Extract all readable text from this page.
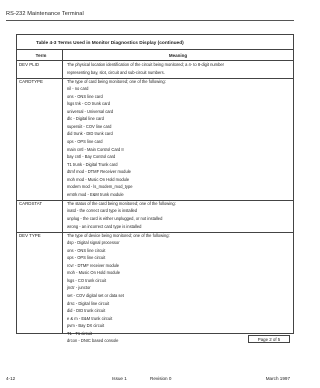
RS-232 Maintenance Terminal
Table 4-3 Terms Used in Monitor Diagnostics Display (continued)
Term	Meaning
DEV PLID	The physical location identification of the circuit being monitored; a 4- to 8-digit number
representing bay, slot, circuit and sub-circuit numbers.
CARDTYPE	The type of card being monitored; one of the following:
nil - no card
ons - ONS line card
lsgs tnk - CO trunk card
universal - Universal card
dlc - Digital line card
supersiit - COV line card
did trunk - DID trunk card
ops - OPS line card
main cntl - Main Control Card II
bay cntl - Bay Control card
T1 trunk - Digital Trunk card
dtmf mod - DTMF Receiver module
moh mod - Music On Hold module
modem mod - ls_modem_mod_type
emtrk mod - E&M trunk module
CARDSTAT	The status of the card being monitored; one of the following:
inatd - the correct card type is installed
unplug - the card is either unplugged, or not installed
wrong - an incorrect card type is installed
DEV TYPE	The type of device being monitored; one of the following:
dsp - Digital signal processor
ons - ONS line circuit
ops - OPS line circuit
rcvr - DTMF receiver module
moh - Music On Hold module
lsgs - CO trunk circuit
jnctr - junctor
set - COV digital set or data set
drsc - Digital line circuit
did - DID trunk circuit
e & m - E&M trunk circuit
pvm - Bay DX circuit
T1 - T1 circuit
drcon - DNIC based console	Page 2 of 5
4-12	Issue 1	Revision 0	March 1997
